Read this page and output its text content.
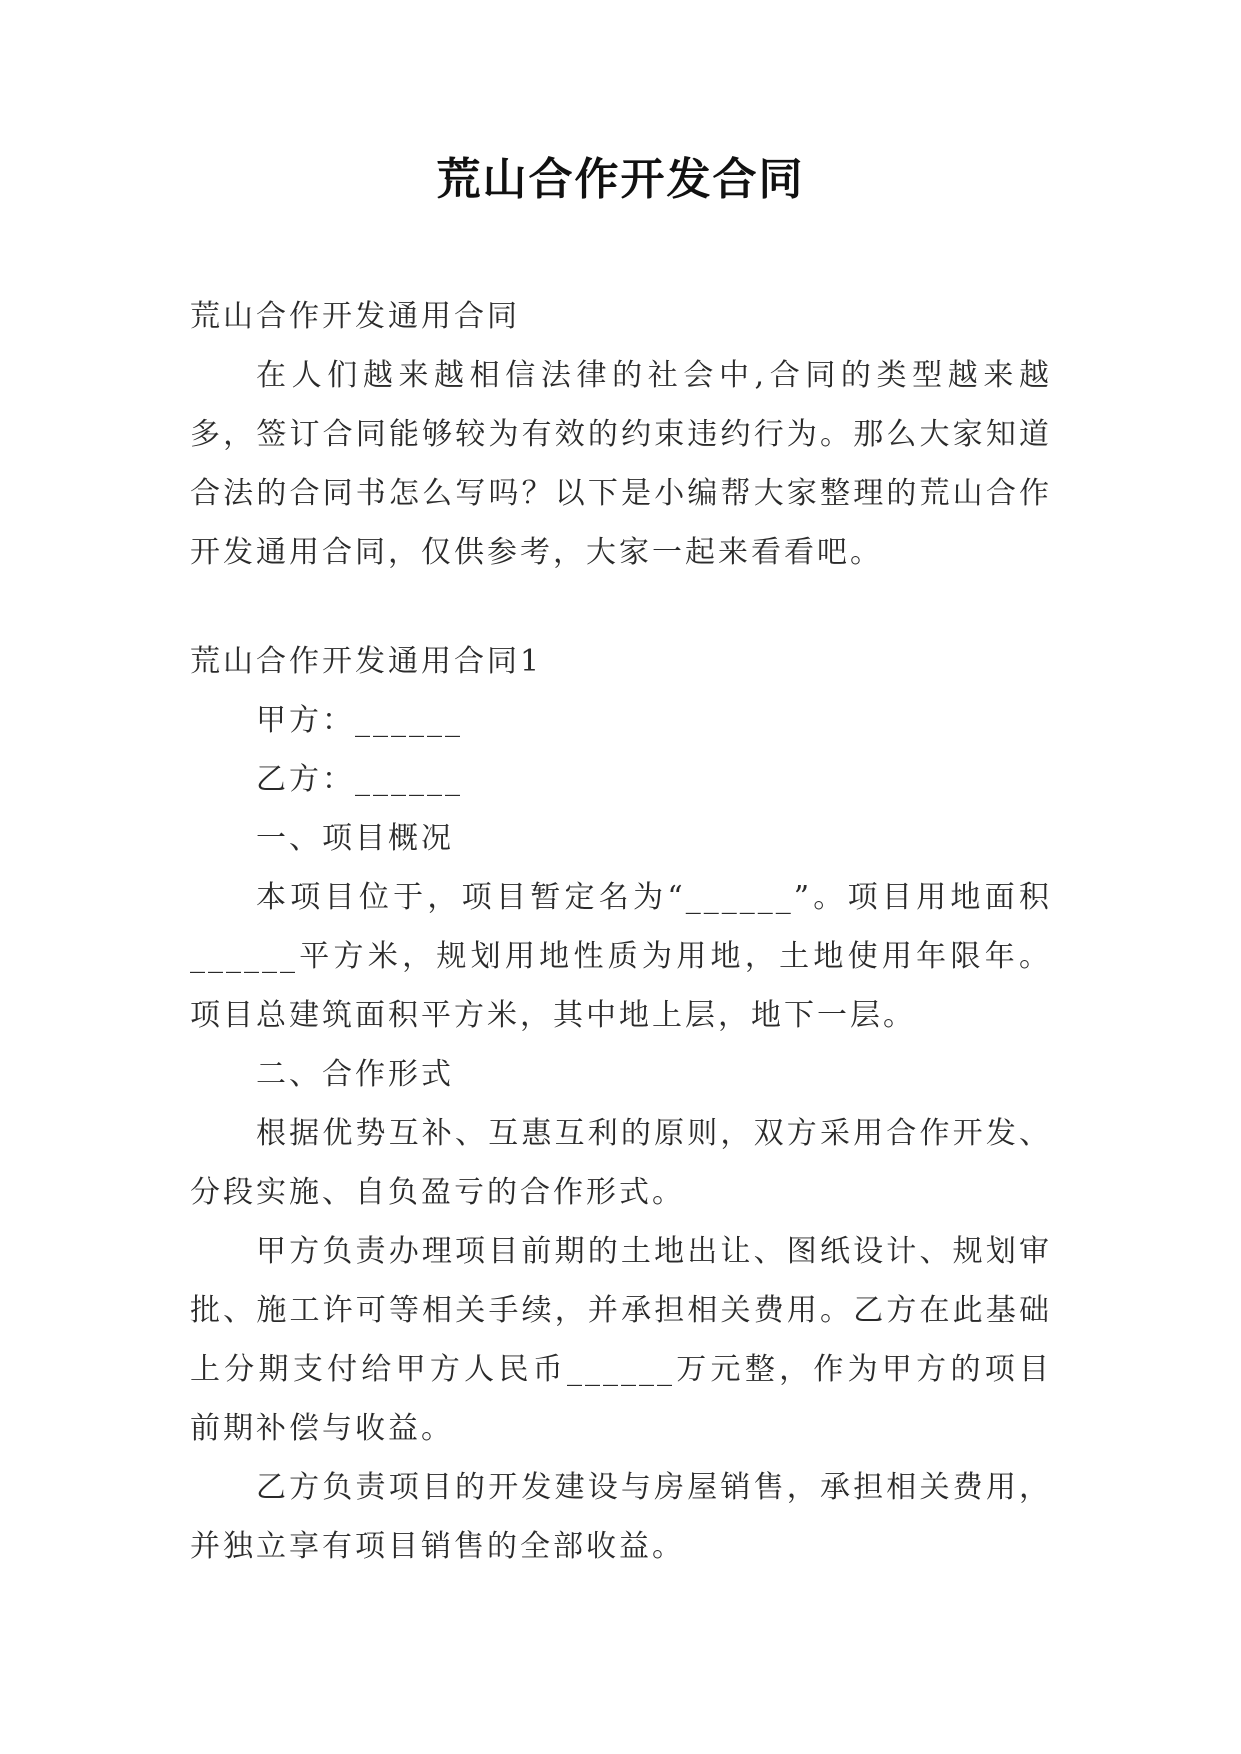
荒山合作开发合同

荒山合作开发通用合同

在人们越来越相信法律的社会中,合同的类型越来越多，签订合同能够较为有效的约束违约行为。那么大家知道合法的合同书怎么写吗？以下是小编帮大家整理的荒山合作开发通用合同，仅供参考，大家一起来看看吧。

荒山合作开发通用合同1

甲方：______

乙方：______

一、项目概况

本项目位于，项目暂定名为“______”。项目用地面积______平方米，规划用地性质为用地，土地使用年限年。项目总建筑面积平方米，其中地上层，地下一层。

二、合作形式

根据优势互补、互惠互利的原则，双方采用合作开发、分段实施、自负盈亏的合作形式。

甲方负责办理项目前期的土地出让、图纸设计、规划审批、施工许可等相关手续，并承担相关费用。乙方在此基础上分期支付给甲方人民币______万元整，作为甲方的项目前期补偿与收益。

乙方负责项目的开发建设与房屋销售，承担相关费用，并独立享有项目销售的全部收益。
